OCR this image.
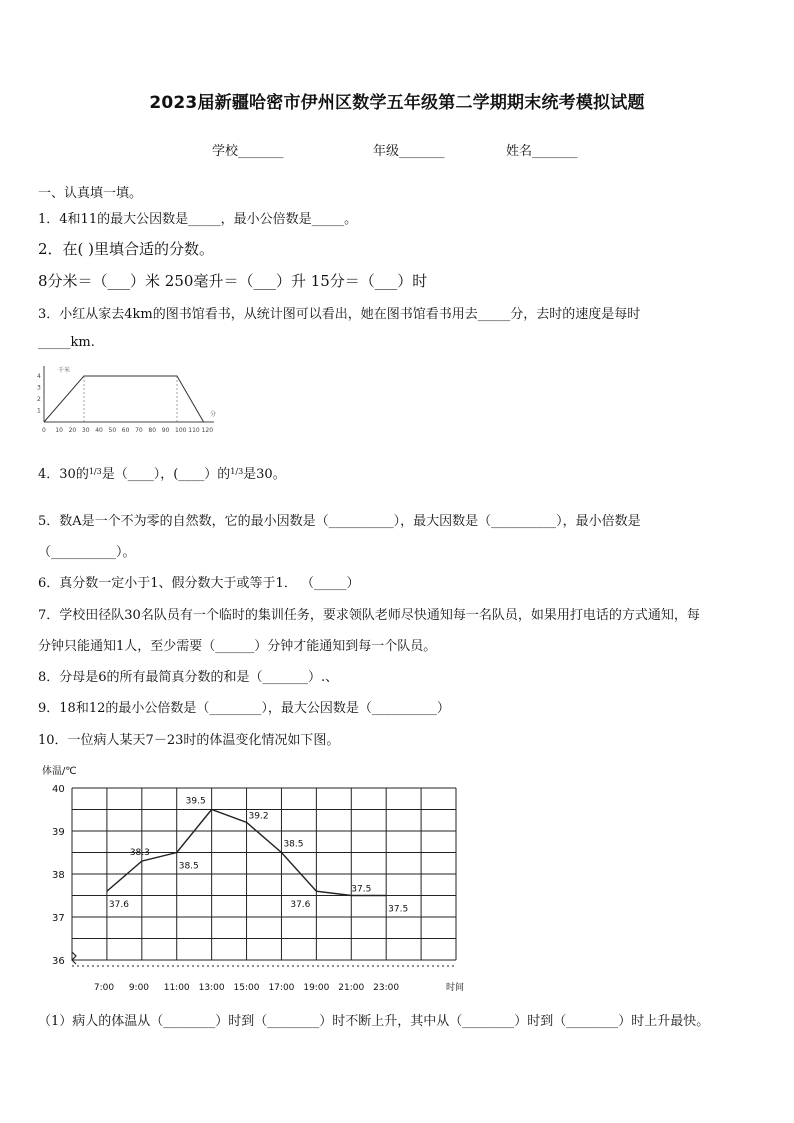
2023届新疆哈密市伊州区数学五年级第二学期期末统考模拟试题
学校_______	年级_______	姓名_______
一、认真填一填。
1．4和11的最大公因数是_____，最小公倍数是_____。
2．在( )里填合适的分数。
8分米＝（___）米 250毫升＝（___）升 15分＝（___）时
3．小红从家去4km的图书馆看书，从统计图可以看出，她在图书馆看书用去_____分，去时的速度是每时
_____km.
千米
分
0 10 20 30 40 50 60 70 80 90 100 110 120
1
2
3
4
4．30的$^{1/3}$是（____），(____）的$^{1/3}$是30。
5．数A是一个不为零的自然数，它的最小因数是（__________），最大因数是（__________），最小倍数是
（__________）。
6．真分数一定小于1、假分数大于或等于1． （_____）
7．学校田径队30名队员有一个临时的集训任务，要求领队老师尽快通知每一名队员，如果用打电话的方式通知，每
分钟只能通知1人，至少需要（______）分钟才能通知到每一个队员。
8．分母是6的所有最简真分数的和是（_______）.、
9．18和12的最小公倍数是（________），最大公因数是（__________）
10．一位病人某天7－23时的体温变化情况如下图。
体温/℃
时间
36
37
38
39
40
7:00 9:00 11:00 13:00 15:00 17:00 19:00 21:00 23:00
37.6
38.3
38.5
39.5
39.2
38.5
37.6
37.5
37.5
（1）病人的体温从（________）时到（________）时不断上升，其中从（________）时到（________）时上升最快。
